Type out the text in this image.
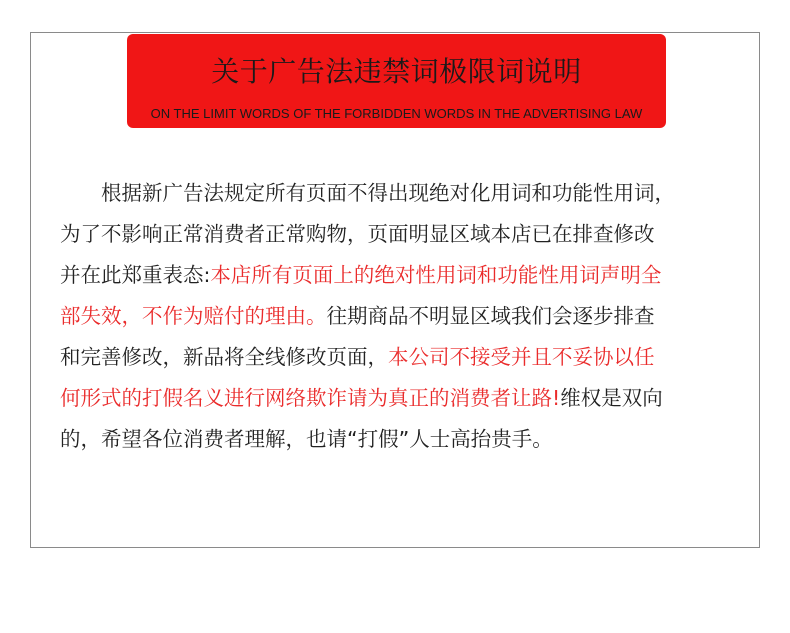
关于广告法违禁词极限词说明
ON THE LIMIT WORDS OF THE FORBIDDEN WORDS IN THE ADVERTISING LAW

　　根据新广告法规定所有页面不得出现绝对化用词和功能性用词，
为了不影响正常消费者正常购物，页面明显区域本店已在排查修改
并在此郑重表态:本店所有页面上的绝对性用词和功能性用词声明全
部失效，不作为赔付的理由。往期商品不明显区域我们会逐步排查
和完善修改，新品将全线修改页面，本公司不接受并且不妥协以任
何形式的打假名义进行网络欺诈请为真正的消费者让路!维权是双向
的，希望各位消费者理解，也请“打假”人士高抬贵手。
